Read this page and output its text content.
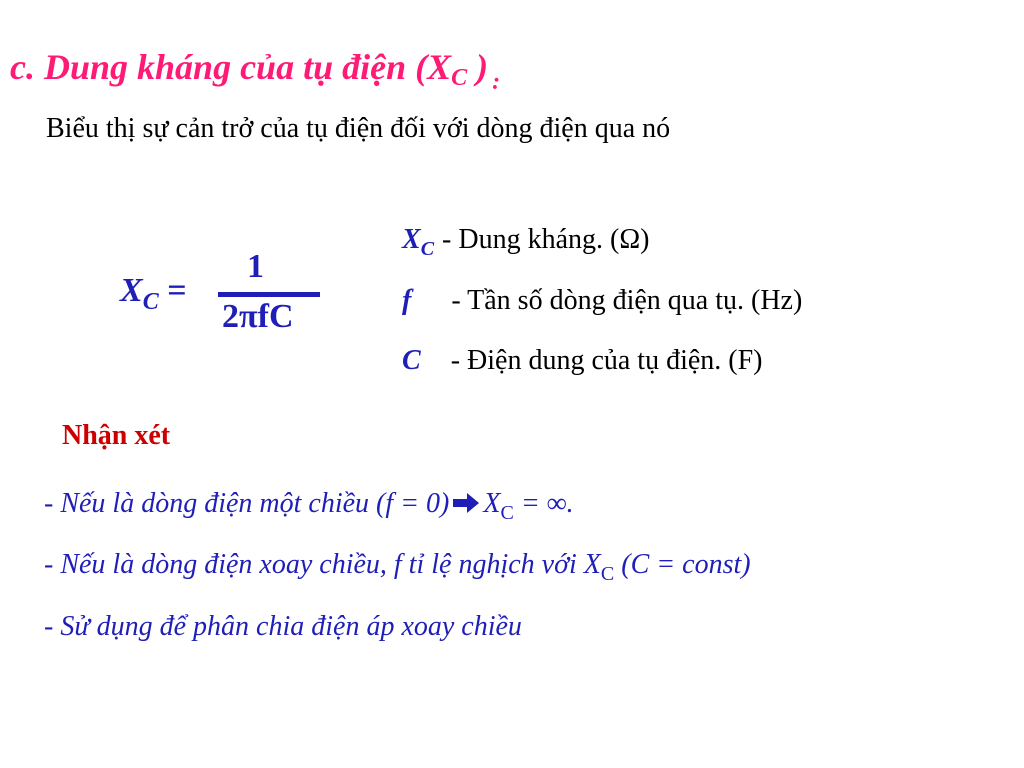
c. Dung kháng của tụ điện ($X_C$ ) $_:$
Biểu thị sự cản trở của tụ điện đối với dòng điện qua nó
$X_C$ =
1
2πfC
$X_C$ - Dung kháng. (Ω)
f - Tần số dòng điện qua tụ. (Hz)
C - Điện dung của tụ điện. (F)
Nhận xét
- Nếu là dòng điện một chiều (f = 0) $X_C$ = ∞.
- Nếu là dòng điện xoay chiều, f tỉ lệ nghịch với $X_C$ (C = const)
- Sử dụng để phân chia điện áp xoay chiều
